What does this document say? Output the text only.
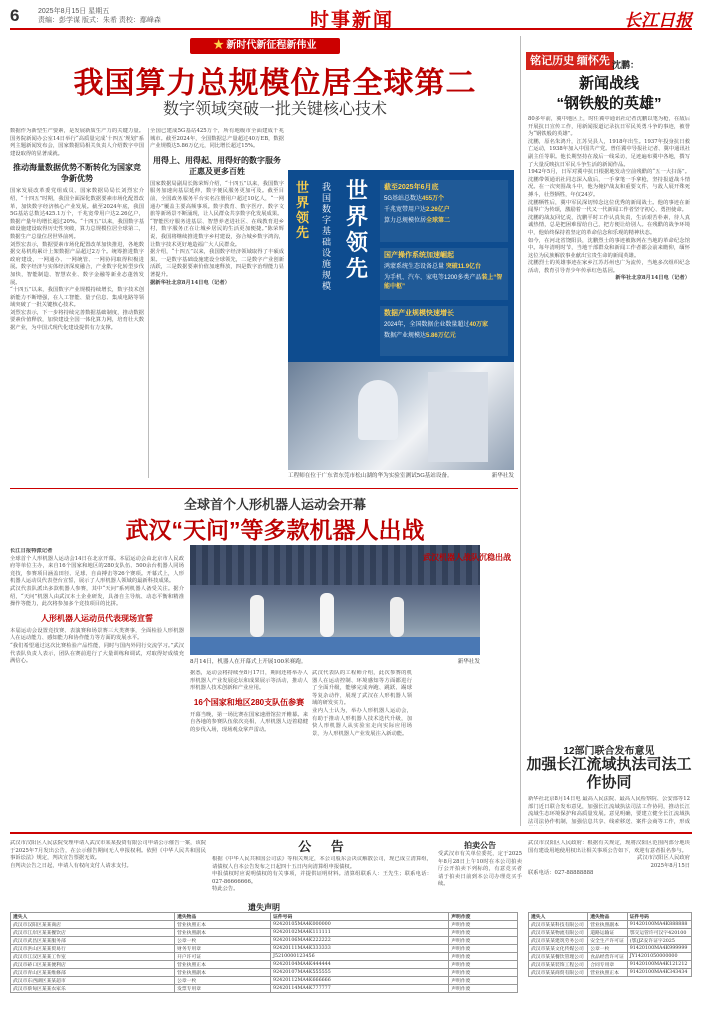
6	2025年8月15日 星期五
责编：彭学谋 版式：朱希 责校：鄢峰森	时事新闻	长江日报
★ 新时代新征程新伟业
我国算力总规模位居全球第二
数字领域突破一批关键核心技术
数据作为新型生产要素，是发展新质生产力的关键力量。国务院新闻办公室14日举行“高质量完成‘十四五’规划”系列主题新闻发布会，国家数据局相关负责人介绍数字中国建设取得的显著成就。
推动海量数据优势不断转化为国家竞争新优势
国家发展改革委党组成员、国家数据局局长刘烈宏介绍，“十四五”时期，我国全面深化数据要素市场化配置改革，加快数字经济核心产业发展。截至2024年底，我国5G基站总数达425.1万个，千兆宽带用户达2.26亿户，数据产量年均增长超过20%。“十四五”以来，我国数字基础设施建设取得历史性突破，算力总规模位居全球第二，数据生产总量位居世界前列。
刘烈宏表示，数据要素市场化配置改革加快推进，各地数据交易机构累计上架数据产品超过2万个。统筹推进数字政府建设，一网通办、一网统管、一网协同取得积极进展。数字经济与实体经济深度融合，产业数字化转型步伐加快，智能制造、智慧农业、数字金融等新业态蓬勃发展。
“十四五”以来，我国数字产业规模持续增长，数字技术创新能力不断增强，在人工智能、量子信息、集成电路等领域突破了一批关键核心技术。
刘烈宏表示，下一步将持续完善数据基础制度，推动数据要素价值释放，加快建设全国一体化算力网，培育壮大数据产业，为中国式现代化建设提供有力支撑。
全国已建成5G基站425万个，所有地级市全面建成千兆城市。截至2024年，全国数据总产量超过40万EB，数据产业规模达5.86万亿元，同比增长超过15%。
用得上、用得起、用得好的数字服务正惠及更多百姓
国家数据局副局长陈荣辉介绍，“十四五”以来，我国数字服务加速向基层延伸，数字便民服务更加可及。截至目前，全国政务服务平台实名注册用户超过10亿人，“一网通办”覆盖主要高频事项。数字教育、数字医疗、数字文旅等新场景不断涌现，让人民群众共享数字化发展成果。
“智能医疗服务进基层、智慧养老进社区、在线教育进乡村，数字服务正在让城乡居民的生活更加便捷。”陈荣辉说，我国将继续推进数字乡村建设，弥合城乡数字鸿沟，让数字技术更好地造福广大人民群众。
据介绍，“十四五”以来，我国数字经济领域取得了丰硕成果。一是数字基础设施建设全球领先，二是数字产业创新活跃，三是数据要素价值加速释放，四是数字治理能力显著提升。
据新华社北京8月14日电（记者）
世界领先
我国数字基础设施规模
世界领先
截至2025年6月底
5G基站总数达455万个
千兆宽带用户达2.26亿户
算力总规模位居全球第二
国产操作系统加速崛起
鸿蒙系统生态设备总量 突破11.9亿台
为手机、汽车、家电等1200多类产品装上“智能中枢”
数据产业规模快速增长
2024年，全国数据企业数量超过40万家
数据产业规模达5.86万亿元
工程师在位于广东省东莞市松山湖的华为实验室测试5G基站设备。	新华社发
铭记历史 缅怀先烈
沈鹏：
新闻战线
“钢铁般的英雄”
80多年前，冀中地区上，时任冀中通讯社记者沈鹏以笔为枪，在敌后开展抗日宣传工作，用新闻报道记录抗日军民英勇斗争的事迹，被誉为“钢铁般的英雄”。
沈鹏，原名朱鸿升，江苏吴县人，1918年出生。1937年投身抗日救亡运动，1938年加入中国共产党。曾任冀中导报社记者、冀中通讯社副主任等职。他长期坚持在敌后一线采访，足迹遍布冀中各地，撰写了大量反映抗日军民斗争生活的新闻作品。
1942年5月，日军对冀中抗日根据地发动空前残酷的“五一大扫荡”。沈鹏带领通讯社同志深入敌后，一手拿笔一手拿枪，坚持报道战斗情况。在一次突围战斗中，他为掩护战友和重要文件，与敌人展开殊死搏斗，壮烈牺牲，年仅24岁。
沈鹏牺牲后，冀中军民深切悼念这位优秀的新闻战士。他的事迹在新闻界广为传颂，激励着一代又一代新闻工作者坚守初心、勇担使命。
沈鹏的战友回忆说，沈鹏平时工作认真负责，生活艰苦朴素，待人真诚热情，总是把困难留给自己，把方便让给别人。在残酷的战争环境中，他始终保持着坚定的革命信念和乐观的精神状态。
如今，在河北省饶阳县，沈鹏烈士的事迹被陈列在当地的革命纪念馆中。每年清明时节，当地干部群众和新闻工作者都会前来瞻仰，缅怀这位为民族解放事业献出宝贵生命的新闻英雄。
沈鹏烈士的英雄事迹在家乡江苏苏州也广为流传，当地多次组织纪念活动，教育引导青少年传承红色基因。
新华社北京8月14日电（记者）
12部门联合发布意见
加强长江流域执法司法工作协同
新华社北京8月14日电 最高人民法院、最高人民检察院、公安部等12部门近日联合发布意见，加强长江流域执法司法工作协同，推动长江流域生态环境保护和高质量发展。意见明确，要建立健全长江流域执法司法协作机制，加强信息共享、线索移送、案件会商等工作，形成
全球首个人形机器人运动会开幕
武汉“天问”等多款机器人出战
长江日报特派记者
全球首个人形机器人运动会14日在北京开幕。本届运动会由北京市人民政府等单位主办，来自16个国家和地区的280支队伍、500余台机器人同场竞技，参赛项目涵盖田径、足球、自由搏击等26个赛项。开幕式上，人形机器人运动员代表登台宣誓，展示了人形机器人领域的最新科技成果。
武汉代表队派出多款机器人参赛，其中“天问”系列机器人备受关注。据介绍，“天问”机器人由武汉本土企业研发，具备自主导航、动态平衡和精准操作等能力，此次将参加多个竞技项目的比拼。
人形机器人运动员代表现场宣誓
本届运动会设置竞技赛、表演赛和场景赛三大类赛事，全面检验人形机器人在运动能力、感知能力和协作能力等方面的发展水平。
“我们希望通过这次比赛检验产品性能，同时与国内外同行交流学习。”武汉代表队负责人表示，团队在赛前进行了大量训练和调试，对取得好成绩充满信心。	8月14日，机器人在开幕式上开展100米赛跑。	新华社发
据悉，运动会将持续至8月17日，期间还将举办人形机器人产业发展论坛和成果展示等活动，推动人形机器人技术创新和产业应用。
16个国家和地区280支队伍参赛
开幕当晚，第一场比赛在国家速滑馆拉开帷幕。来自各地的参赛队伍依次亮相，人形机器人迈着稳健的步伐入场，现场观众掌声雷动。
武汉代表队的工程师介绍，此次参赛的机器人在运动控制、环境感知等方面都进行了全面升级，能够完成奔跑、跳跃、踢球等复杂动作，展现了武汉在人形机器人领域的研发实力。
业内人士认为，举办人形机器人运动会，有助于推动人形机器人技术迭代升级，加快人形机器人从实验室走向实际应用场景，为人形机器人产业发展注入新动能。
武汉机器人战队沉稳出战
公 告
武汉市汉阳区人民法院受理申请人武汉市某某投资有限公司申请公示催告一案，该院于2025年7月发出公告，在公示催告期间无人申报权利。依照《中华人民共和国民事诉讼法》规定，判决宣告票据无效。
自判决公告之日起，申请人有权向支付人请求支付。
根据《中华人民共和国公司法》等相关规定，本公司股东会决议解散公司，现已成立清算组，请债权人自本公告发布之日起四十五日内向清算组申报债权。
申报债权时应说明债权的有关事项，并提供证明材料。清算组联系人：王先生；联系电话：027-86666666。
特此公告。
拍卖公告
受武汉市有关单位委托，定于2025年8月28日上午10时在本公司拍卖厅公开拍卖下列标的，有意竞买者请于拍卖日前到本公司办理竞买手续。
武汉市汉阳区人民政府：根据有关规定，现将汉阳区范围内部分地块国有建设用地使用权出让相关事项公告如下，欢迎有意者报名参与。
武汉市汉阳区人民政府
2025年8月15日
联系电话：027-88888888
遗失声明
遗失人	遗失物品	证件号码	声明作废
武汉市汉阳区某某商店	营业执照正本	92420105MA4K000000	声明作废
武汉市江岸区某某餐饮店	营业执照副本	92420102MA4K111111	声明作废
武汉市武昌区某某服务部	公章一枚	92420106MA4K222222	声明作废
武汉市洪山区某某贸易行	财务专用章	92420111MA4K333333	声明作废
武汉市江汉区某某工作室	开户许可证	J5210000123456	声明作废
武汉市硚口区某某便利店	营业执照正本	92420104MA4K444444	声明作废
武汉市青山区某某维修部	营业执照副本	92420107MA4K555555	声明作废
武汉市东西湖区某某超市	公章一枚	92420112MA4K666666	声明作废
武汉市蔡甸区某某农家乐	发票专用章	92420114MA4K777777	声明作废
遗失人	遗失物品	证件号码
武汉市某某科技有限公司	营业执照副本	91420100MA4K888888
武汉市某某物流有限公司	道路运输证	鄂交运管许可汉字420100
武汉市某某建筑劳务公司	安全生产许可证	(鄂)JZ安许证字2025
武汉市某某文化传媒公司	公章一枚	91420100MA4K999999
武汉市某某餐饮管理公司	食品经营许可证	JY14201050000000
武汉市某某装饰工程公司	合同专用章	91420100MA4K121212
武汉市某某商贸有限公司	营业执照正本	91420100MA4K343434
